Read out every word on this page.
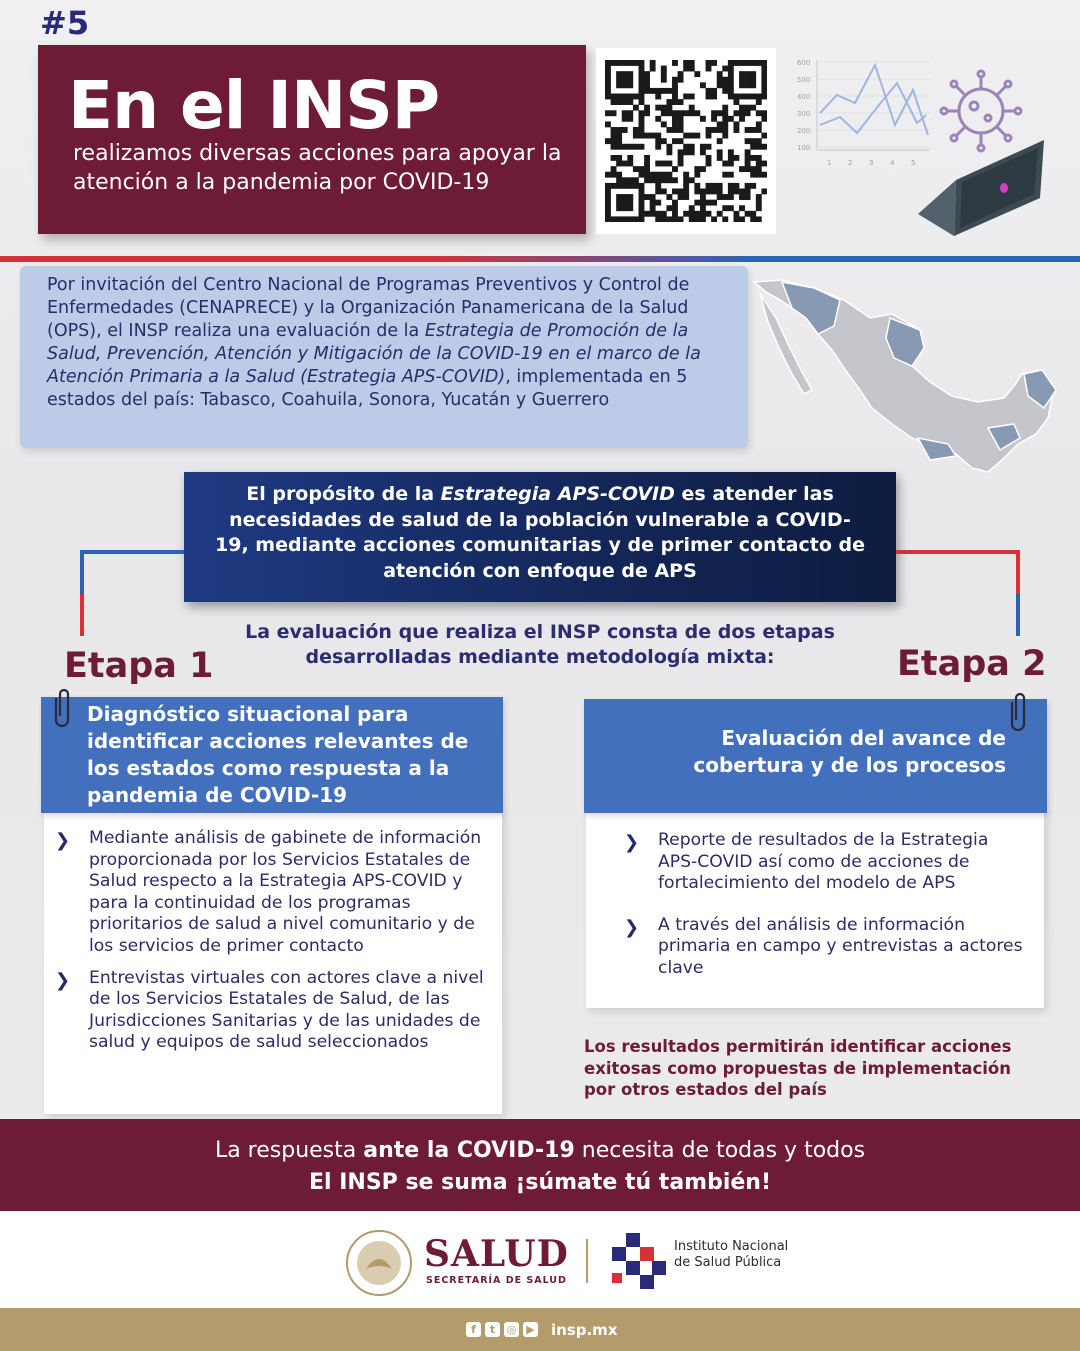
#5
En el INSP
realizamos diversas acciones para apoyar la atención a la pandemia por COVID-19
600
500
400
300
200
100
1 2 3 4 5

Por invitación del Centro Nacional de Programas Preventivos y Control de Enfermedades (CENAPRECE) y la Organización Panamericana de la Salud (OPS), el INSP realiza una evaluación de la Estrategia de Promoción de la Salud, Prevención, Atención y Mitigación de la COVID-19 en el marco de la Atención Primaria a la Salud (Estrategia APS-COVID), implementada en 5 estados del país: Tabasco, Coahuila, Sonora, Yucatán y Guerrero

El propósito de la Estrategia APS-COVID es atender las necesidades de salud de la población vulnerable a COVID-19, mediante acciones comunitarias y de primer contacto de atención con enfoque de APS
La evaluación que realiza el INSP consta de dos etapas desarrolladas mediante metodología mixta:
Etapa 1	Etapa 2
Diagnóstico situacional para identificar acciones relevantes de los estados como respuesta a la pandemia de COVID-19
❯ Mediante análisis de gabinete de información proporcionada por los Servicios Estatales de Salud respecto a la Estrategia APS-COVID y para la continuidad de los programas prioritarios de salud a nivel comunitario y de los servicios de primer contacto
❯ Entrevistas virtuales con actores clave a nivel de los Servicios Estatales de Salud, de las Jurisdicciones Sanitarias y de las unidades de salud y equipos de salud seleccionados
Evaluación del avance de cobertura y de los procesos
❯ Reporte de resultados de la Estrategia APS-COVID así como de acciones de fortalecimiento del modelo de APS
❯ A través del análisis de información primaria en campo y entrevistas a actores clave
Los resultados permitirán identificar acciones exitosas como propuestas de implementación por otros estados del país
La respuesta ante la COVID-19 necesita de todas y todos
El INSP se suma ¡súmate tú también!
SALUD
SECRETARÍA DE SALUD
Instituto Nacional
de Salud Pública
f	t	◎ ▶ insp.mx
